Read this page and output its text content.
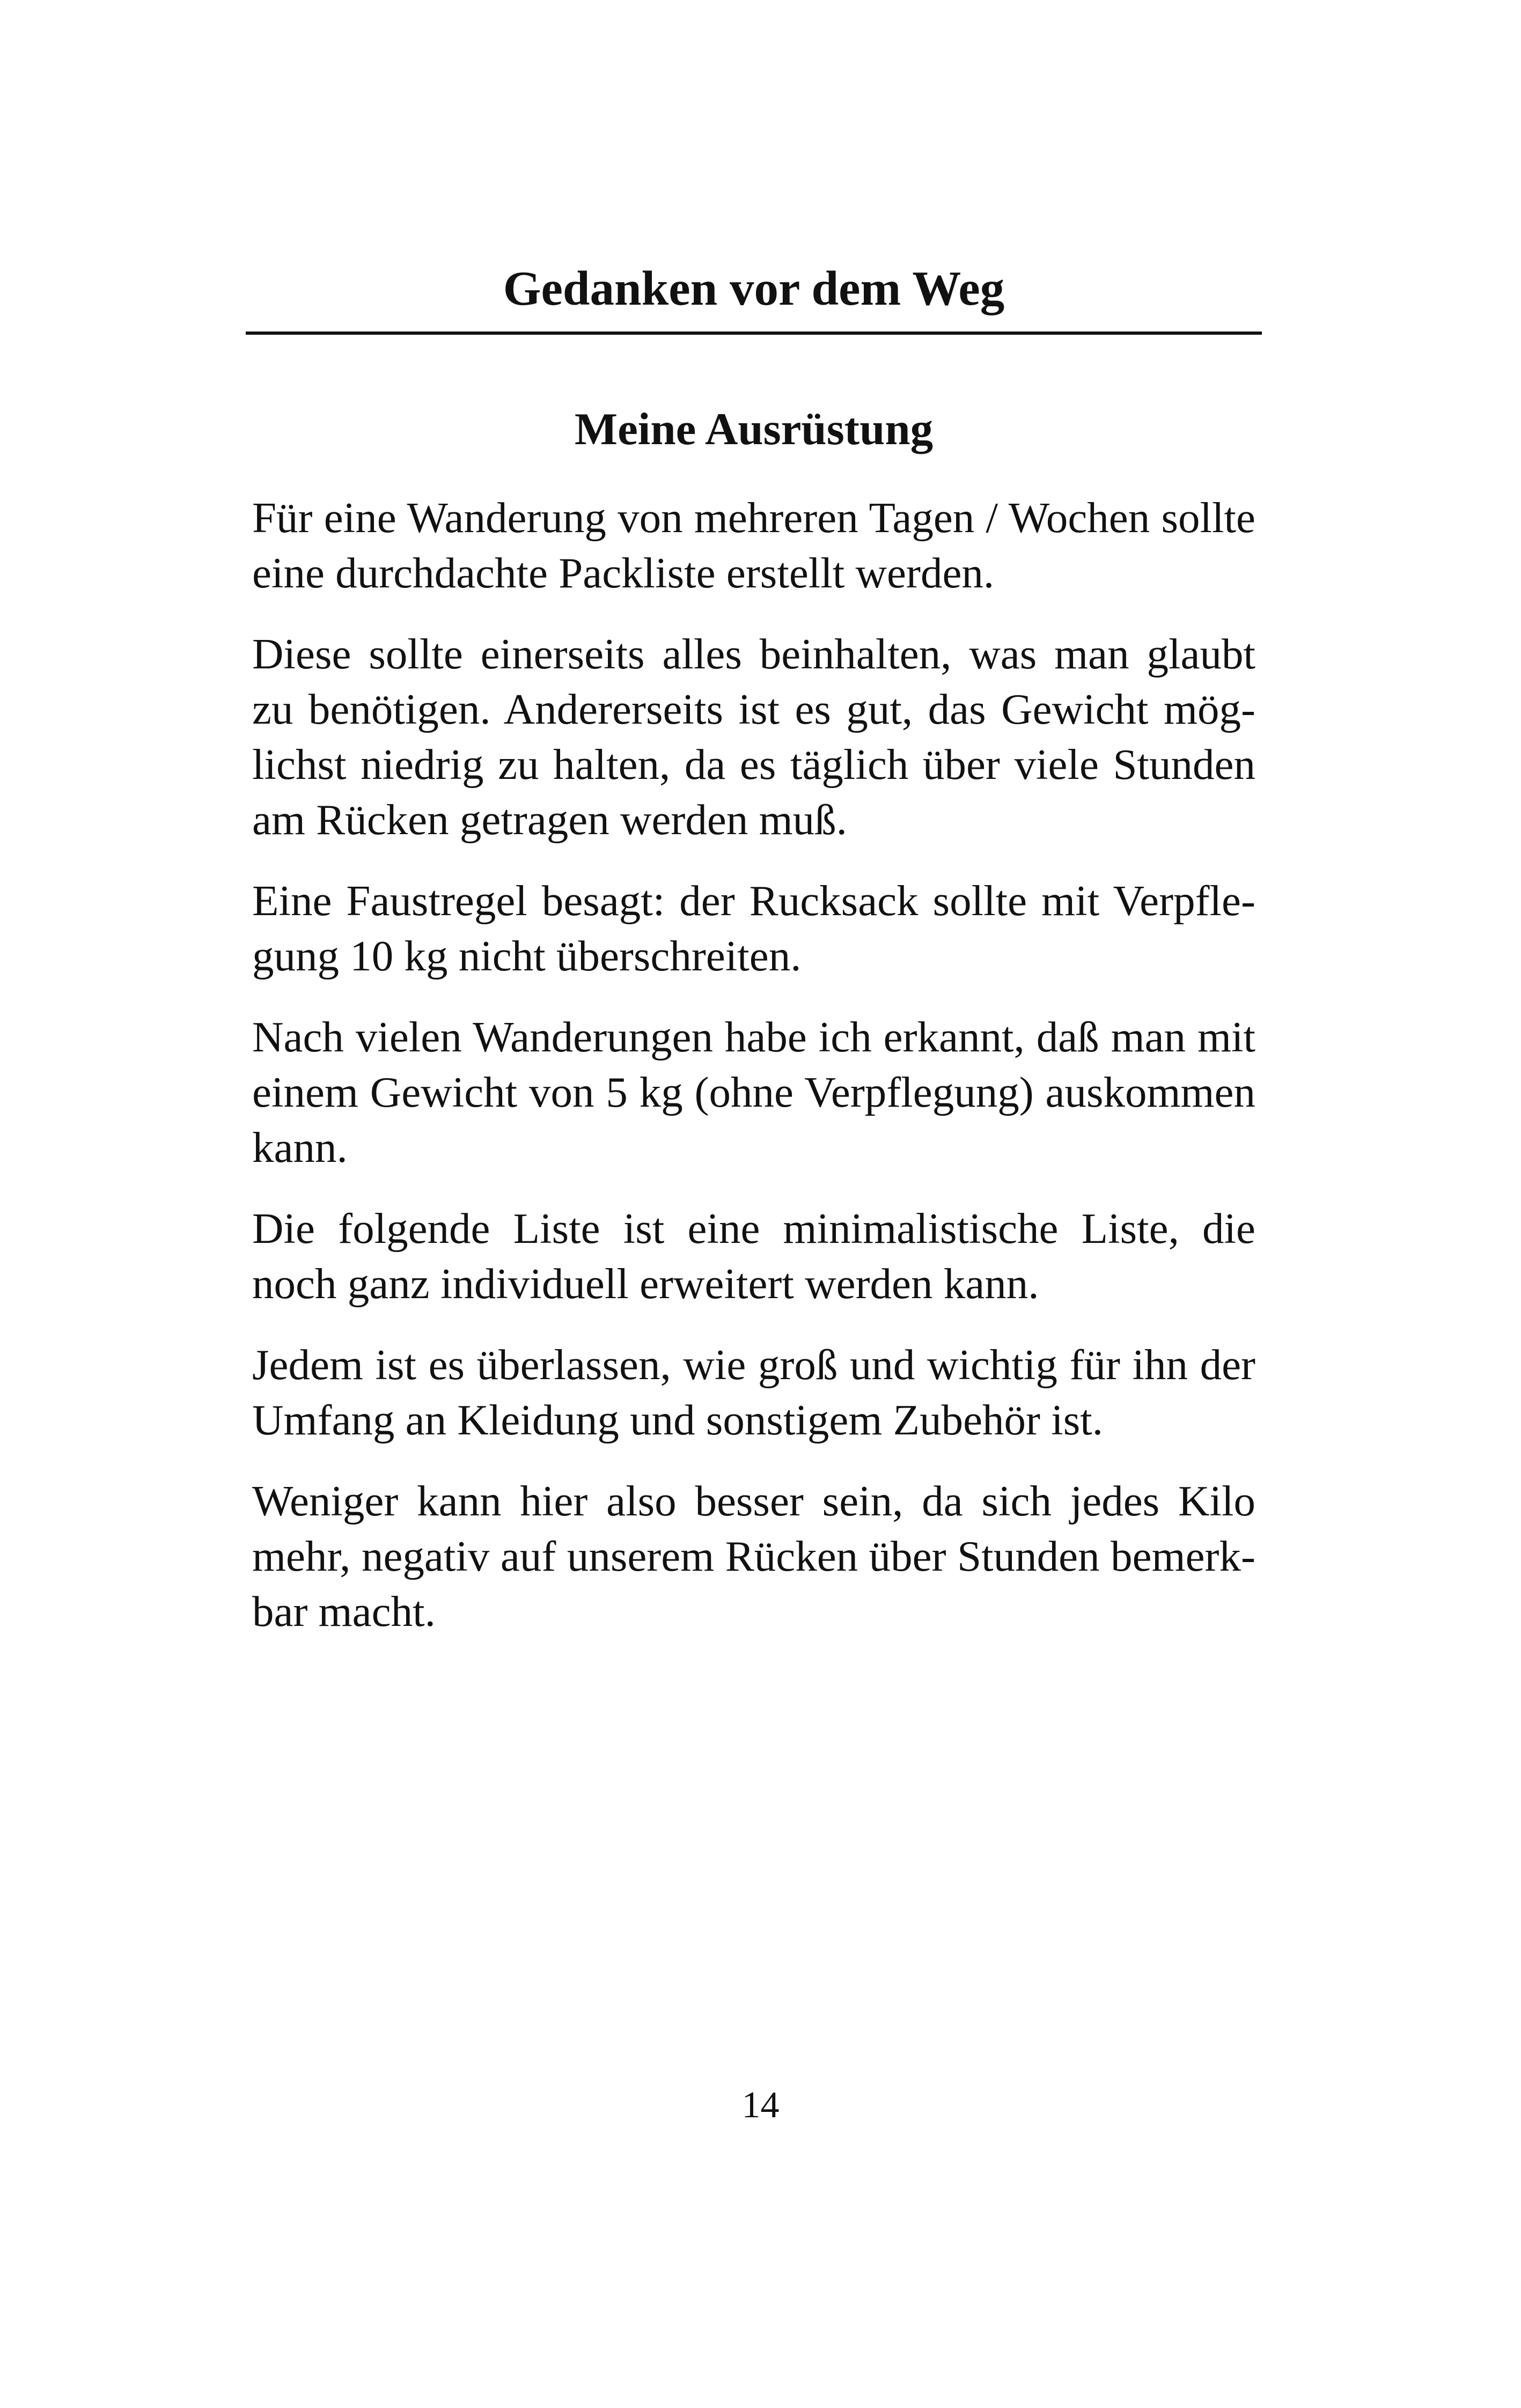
Gedanken vor dem Weg
Meine Ausrüstung

Für eine Wanderung von mehreren Tagen / Wochen sollte eine durchdachte Packliste erstellt werden.

Diese sollte einerseits alles beinhalten, was man glaubt zu benötigen. Andererseits ist es gut, das Gewicht möglichst niedrig zu halten, da es täglich über viele Stunden am Rücken getragen werden muß.

Eine Faustregel besagt: der Rucksack sollte mit Verpflegung 10 kg nicht überschreiten.

Nach vielen Wanderungen habe ich erkannt, daß man mit einem Gewicht von 5 kg (ohne Verpflegung) auskommen kann.

Die folgende Liste ist eine minimalistische Liste, die noch ganz individuell erweitert werden kann.

Jedem ist es überlassen, wie groß und wichtig für ihn der Umfang an Kleidung und sonstigem Zubehör ist.

Weniger kann hier also besser sein, da sich jedes Kilo mehr, negativ auf unserem Rücken über Stunden bemerkbar macht.

14
